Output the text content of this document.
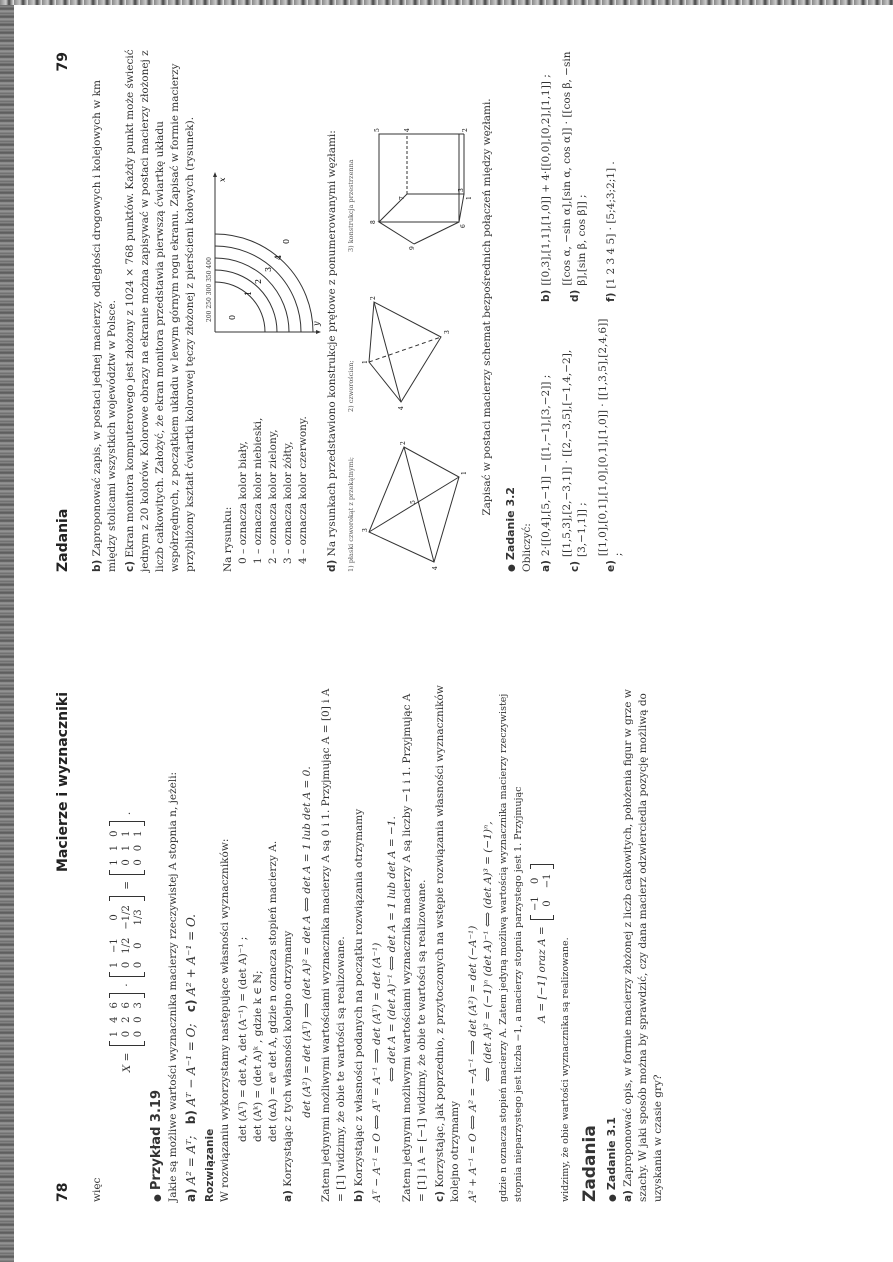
78
Macierze i wyznaczniki

więc

X =
1	4	6
0	2	6
0	0	3
·
1	−1	0
0	1/2	−1/2
0	0	1/3
=
1	1	0
0	1	1
0	0	1
.
● Przykład 3.19 Jakie są możliwe wartości wyznacznika macierzy rzeczywistej A stopnia n, jeżeli: a) A² = Aᵀ;   b) Aᵀ − A⁻¹ = O;   c) A² + A⁻¹ = O.

Rozwiązanie W rozwiązaniu wykorzystamy następujące własności wyznaczników: det (Aᵀ) = det A, det (A⁻¹) = (det A)⁻¹ ; det (Aᵏ) = (det A)ᵏ , gdzie k ∈ ℕ; det (αA) = αⁿ det A, gdzie n oznacza stopień macierzy A.

a) Korzystając z tych własności kolejno otrzymamy det (A²) = det (Aᵀ) ⟹ (det A)² = det A ⟺ det A = 1 lub det A = 0. Zatem jedynymi możliwymi wartościami wyznacznika macierzy A są 0 i 1. Przyjmując A = [0] i A = [1] widzimy, że obie te wartości są realizowane. b) Korzystając z własności podanych na początku rozwiązania otrzymamy Aᵀ − A⁻¹ = O ⟺ Aᵀ = A⁻¹ ⟹ det (Aᵀ) = det (A⁻¹) ⟺ det A = (det A)⁻¹ ⟺ det A = 1 lub det A = −1. Zatem jedynymi możliwymi wartościami wyznacznika macierzy A są liczby −1 i 1. Przyjmując A = [1] i A = [−1] widzimy, że obie te wartości są realizowane. c) Korzystając, jak poprzednio, z przytoczonych na wstępie rozwiązania własności wyznaczników kolejno otrzymamy A² + A⁻¹ = O ⟺ A² = −A⁻¹ ⟹ det (A²) = det (−A⁻¹) ⟺ (det A)² = (−1)ⁿ (det A)⁻¹ ⟺ (det A)³ = (−1)ⁿ, gdzie n oznacza stopień macierzy A. Zatem jedyną możliwą wartością wyznacznika macierzy rzeczywistej stopnia nieparzystego jest liczba −1, a macierzy stopnia parzystego jest 1. Przyjmując	A = [−1] oraz A =
−1	0
0	−1

widzimy, że obie wartości wyznacznika są realizowane. Zadania ● Zadanie 3.1

a) Zaproponować opis, w formie macierzy złożonej z liczb całkowitych, położenia figur w grze w szachy. W jaki sposób można by sprawdzić, czy dana macierz odzwierciedla pozycję możliwą do uzyskania w czasie gry?

Zadania
79

b) Zaproponować zapis, w postaci jednej macierzy, odległości drogowych i kolejowych w km między stolicami wszystkich województw w Polsce. c) Ekran monitora komputerowego jest złożony z 1024 × 768 punktów. Każdy punkt może świecić jednym z 20 kolorów. Kolorowe obrazy na ekranie można zapisywać w postaci macierzy złożonej z liczb całkowitych. Założyć, że ekran monitora przedstawia pierwszą ćwiartkę układu współrzędnych, z początkiem układu w lewym górnym rogu ekranu. Zapisać w formie macierzy przybliżony kształt ćwiartki kolorowej tęczy złożonej z pierścieni kołowych (rysunek). Na rysunku: 0 – oznacza kolor biały, 1 – oznacza kolor niebieski, 2 – oznacza kolor zielony, 3 – oznacza kolor żółty, 4 – oznacza kolor czerwony.
200 250 300 350 400 0
1
2
3
4
0
x
y

d) Na rysunkach przedstawiono konstrukcje prętowe z ponumerowanymi węzłami:	1) płaski czworokąt z przekątnymi;	4
3
2
1
5
2) czworościan;	4
1
2
3
3) konstrukcja przestrzenna	9
8
5	2
7	1
6
4
3 Zapisać w postaci macierzy schemat bezpośrednich połączeń między węzłami.

● Zadanie 3.2 Obliczyć: a)
2·[[0,4],[5,−1]] − [[1,−1],[3,−2]] ;
b)
[[0,3],[1,1],[1,0]] + 4·[[0,0],[0,2],[1,1]] ;
c)
[[1,5,3],[2,−3,1]] · [[2,−3,5],[−1,4,−2],[3,−1,1]] ;
d)
[[cos α, −sin α],[sin α, cos α]] · [[cos β, −sin β],[sin β, cos β]] ;
e)
[[1,0],[0,1],[1,0],[0,1],[1,0]] · [[1,3,5],[2,4,6]] ;
f)
[1 2 3 4 5] · [5;4;3;2;1] .
